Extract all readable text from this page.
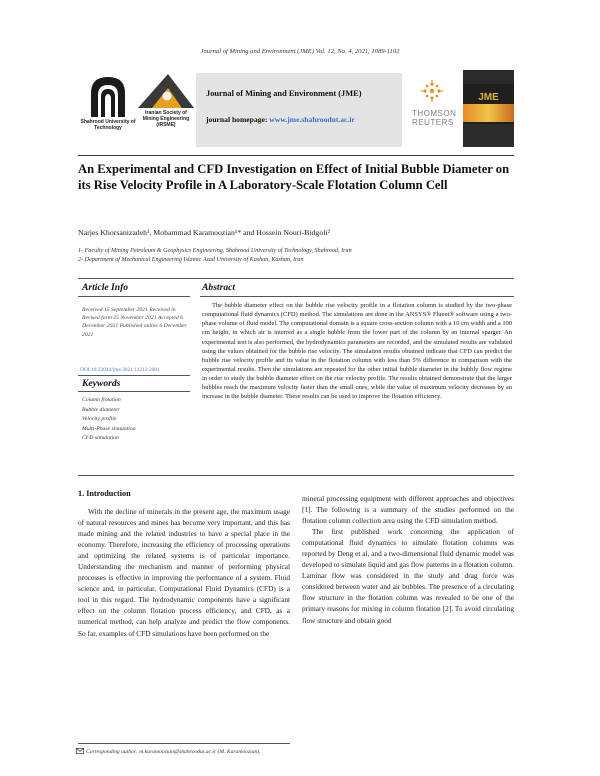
Journal of Mining and Environment (JME) Vol. 12, No. 4, 2021, 1089-1102
Shahrood University of Technology
Iranian Society of Mining Engineering (IRSME)
Journal of Mining and Environment (JME)
journal homepage: www.jme.shahroodut.ac.ir
THOMSON REUTERS
JME
An Experimental and CFD Investigation on Effect of Initial Bubble Diameter on its Rise Velocity Profile in A Laboratory-Scale Flotation Column Cell
Narjes Khorsanizadeh¹, Mohammad Karamoozian¹* and Hossein Nouri-Bidgoli²
1- Faculty of Mining Petroleum & Geophysics Engineering, Shahrood University of Technology, Shahrood, Iran
2- Department of Mechanical Engineering Islamic Azad University of Kashan, Kashan, Iran
Article Info	Abstract
Received 15 September 2021 Received in Revised form 25 November 2021 Accepted 6 December 2021 Published online 6 December 2021
DOI:10.22044/jme.2021.11213.2081
Keywords
Column flotation
Bubble diameter
Velocity profile
Multi-Phase simulation
CFD simulation
The bubble diameter effect on the bubble rise velocity profile in a flotation column is studied by the two-phase computational fluid dynamics (CFD) method. The simulations are done in the ANSYS® Fluent® software using a two-phase volume of fluid model. The computational domain is a square cross-section column with a 10 cm width and a 100 cm height, in which air is interred as a single bubble from the lower part of the column by an internal sparger. An experimental test is also performed, the hydrodynamics parameters are recorded, and the simulated results are validated using the values obtained for the bubble rise velocity. The simulation results obtained indicate that CFD can predict the bubble rise velocity profile and its value in the flotation column with less than 5% difference in comparison with the experimental results. Then the simulations are repeated for the other initial bubble diameter in the bubbly flow regime in order to study the bubble diameter effect on the rise velocity profile. The results obtained demonstrate that the larger bubbles reach the maximum velocity faster than the small ones, while the value of maximum velocity decreases by an increase in the bubble diameter. These results can be used to improve the flotation efficiency.
1. Introduction
With the decline of minerals in the present age, the maximum usage of natural resources and mines has become very important, and this has made mining and the related industries to have a special place in the economy. Therefore, increasing the efficiency of processing operations and optimizing the related systems is of particular importance. Understanding the mechanism and manner of performing physical processes is effective in improving the performance of a system. Fluid science and, in particular, Computational Fluid Dynamics (CFD) is a tool in this regard. The hydrodynamic components have a significant effect on the column flotation process efficiency, and CFD, as a numerical method, can help analyze and predict the flow components. So far, examples of CFD simulations have been performed on the

mineral processing equipment with different approaches and objectives [1]. The following is a summary of the studies performed on the flotation column collection area using the CFD simulation method.

The first published work concerning the application of computational fluid dynamics to simulate flotation columns was reported by Deng et al, and a two-dimensional fluid dynamic model was developed to simulate liquid and gas flow patterns in a flotation column. Laminar flow was considered in the study and drag force was considered between water and air bubbles. The presence of a circulating flow structure in the flotation column was revealed to be one of the primary reasons for mixing in column flotation [2]. To avoid circulating flow structure and obtain good

Corresponding author: m.karamoozian@shahroodut.ac.ir (M. Karamoozian).
